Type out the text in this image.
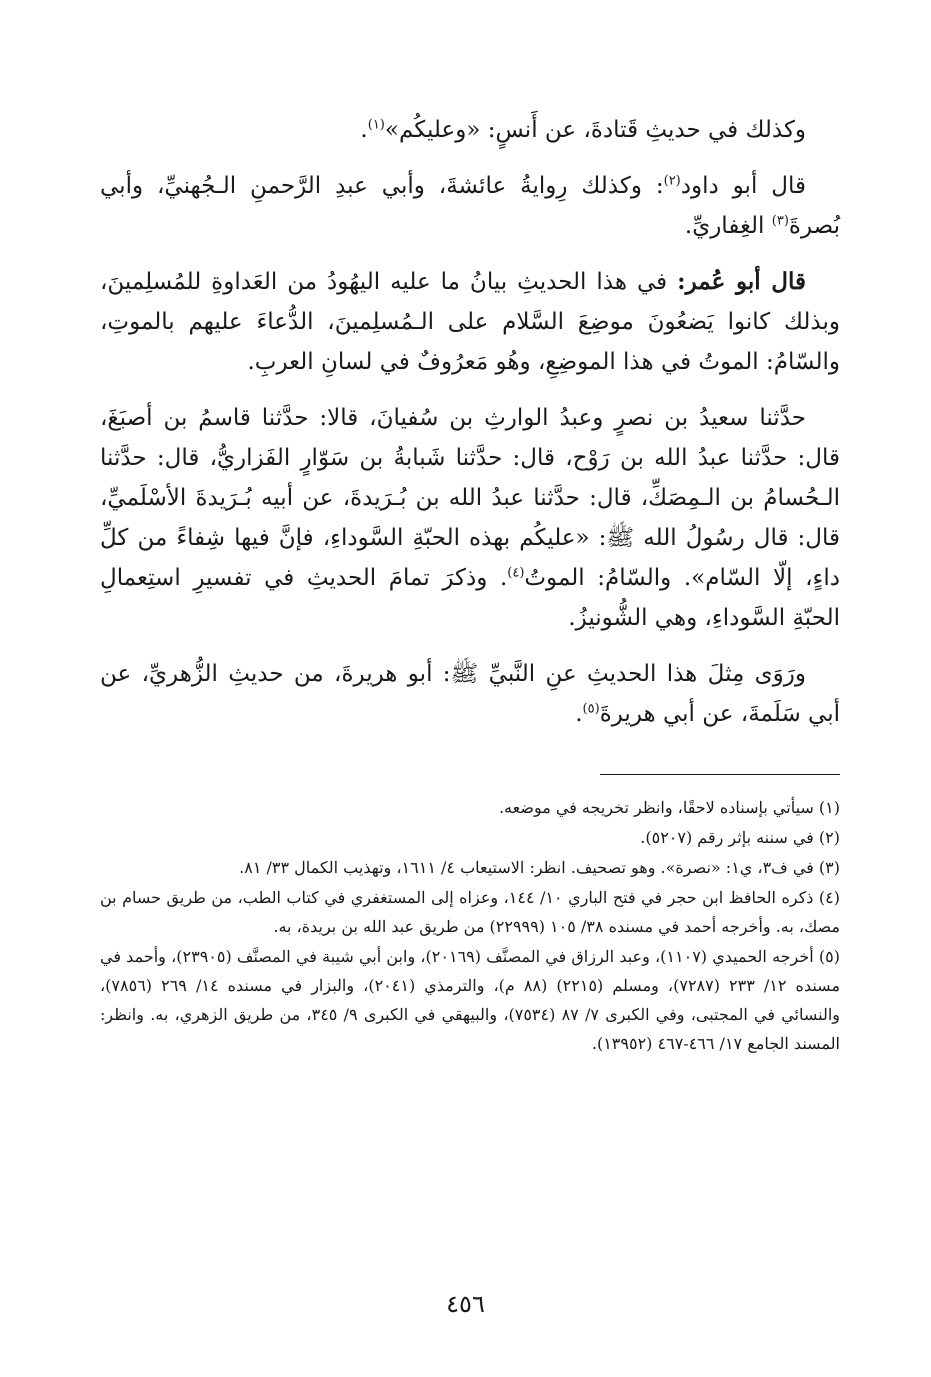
وكذلك في حديثِ قَتادةَ، عن أَنسٍ: «وعليكُم»$^{(١)}$.

قال أبو داود$^{(٢)}$: وكذلك رِوايةُ عائشةَ، وأبي عبدِ الرَّحمنِ الـجُهنيِّ، وأبي بُصرةَ$^{(٣)}$ الغِفاريِّ.

قال أبو عُمر: في هذا الحديثِ بيانُ ما عليه اليهُودُ من العَداوةِ للمُسلِمينَ، وبذلك كانوا يَضعُونَ موضِعَ السَّلام على الـمُسلِمينَ، الدُّعاءَ عليهم بالموتِ، والسّامُ: الموتُ في هذا الموضِعِ، وهُو مَعرُوفٌ في لسانِ العربِ.

حدَّثنا سعيدُ بن نصرٍ وعبدُ الوارثِ بن سُفيانَ، قالا: حدَّثنا قاسمُ بن أصبَغَ، قال: حدَّثنا عبدُ الله بن رَوْح، قال: حدَّثنا شَبابةُ بن سَوّارٍ الفَزاريُّ، قال: حدَّثنا الـحُسامُ بن الـمِصَكِّ، قال: حدَّثنا عبدُ الله بن بُـرَيدةَ، عن أبيه بُـرَيدةَ الأسْلَميِّ، قال: قال رسُولُ الله ﷺ: «عليكُم بهذه الحبّةِ السَّوداءِ، فإنَّ فيها شِفاءً من كلِّ داءٍ، إلّا السّام». والسّامُ: الموتُ$^{(٤)}$. وذكرَ تمامَ الحديثِ في تفسيرِ استِعمالِ الحبّةِ السَّوداءِ، وهي الشُّونيزُ.

ورَوَى مِثلَ هذا الحديثِ عنِ النَّبيِّ ﷺ: أبو هريرةَ، من حديثِ الزُّهريِّ، عن أبي سَلَمةَ، عن أبي هريرةَ$^{(٥)}$.

(١) سيأتي بإسناده لاحقًا، وانظر تخريجه في موضعه.

(٢) في سننه بإثر رقم (٥٢٠٧).

(٣) في ف٣، ي١: «نصرة». وهو تصحيف. انظر: الاستيعاب ٤/ ١٦١١، وتهذيب الكمال ٣٣/ ٨١.

(٤) ذكره الحافظ ابن حجر في فتح الباري ١٠/ ١٤٤، وعزاه إلى المستغفري في كتاب الطب، من طريق حسام بن مصك، به. وأخرجه أحمد في مسنده ٣٨/ ١٠٥ (٢٢٩٩٩) من طريق عبد الله بن بريدة، به.

(٥) أخرجه الحميدي (١١٠٧)، وعبد الرزاق في المصنَّف (٢٠١٦٩)، وابن أبي شيبة في المصنَّف (٢٣٩٠٥)، وأحمد في مسنده ١٢/ ٢٣٣ (٧٢٨٧)، ومسلم (٢٢١٥) (٨٨ م)، والترمذي (٢٠٤١)، والبزار في مسنده ١٤/ ٢٦٩ (٧٨٥٦)، والنسائي في المجتبى، وفي الكبرى ٧/ ٨٧ (٧٥٣٤)، والبيهقي في الكبرى ٩/ ٣٤٥، من طريق الزهري، به. وانظر: المسند الجامع ١٧/ ٤٦٦-٤٦٧ (١٣٩٥٢).

٤٥٦
